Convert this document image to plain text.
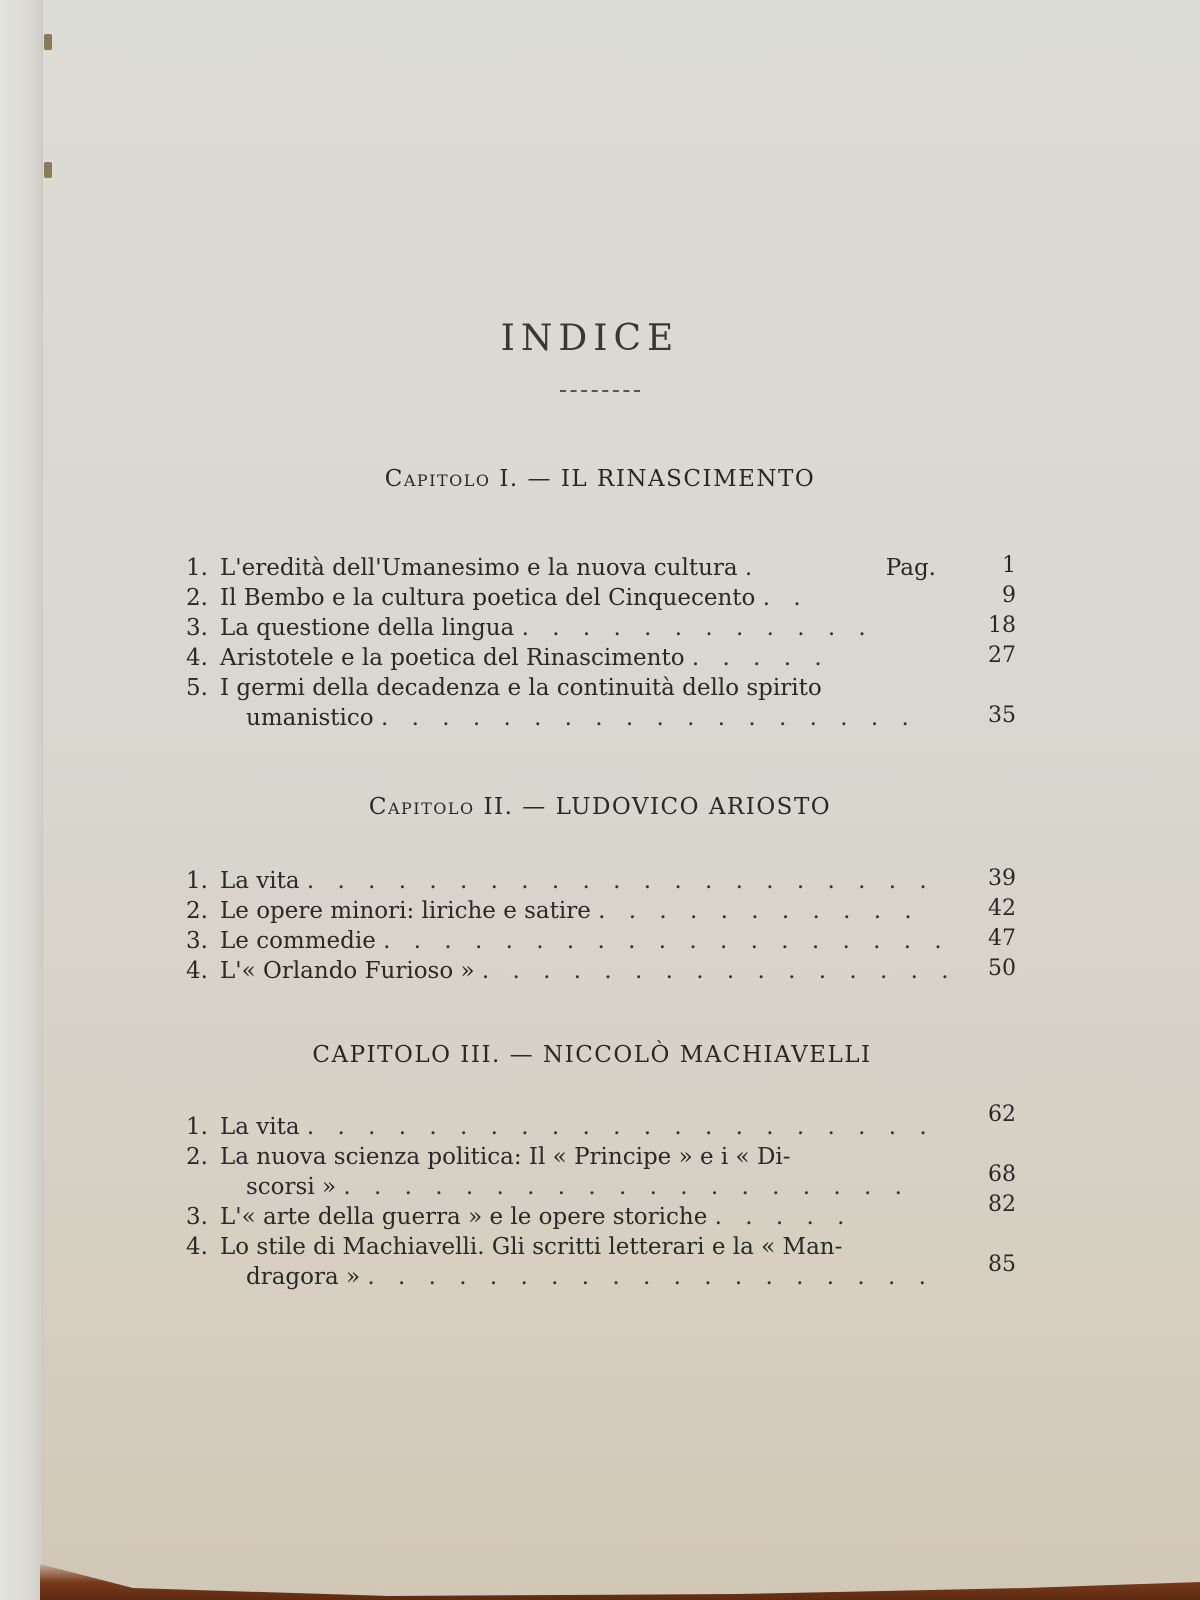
INDICE
Capitolo I. — IL RINASCIMENTO
1. L'eredità dell'Umanesimo e la nuova cultura .	Pag.	1
2. Il Bembo e la cultura poetica del Cinquecento . .	9
3. La questione della lingua . . . . . . . . . . . .	18
4. Aristotele e la poetica del Rinascimento . . . . .	27
5. I germi della decadenza e la continuità dello spirito
umanistico . . . . . . . . . . . . . . . . . .	35
Capitolo II. — LUDOVICO ARIOSTO
1. La vita . . . . . . . . . . . . . . . . . . . . .	39
2. Le opere minori: liriche e satire . . . . . . . . . . .	42
3. Le commedie . . . . . . . . . . . . . . . . . . .	47
4. L'« Orlando Furioso » . . . . . . . . . . . . . . . .	50
CAPITOLO III. — NICCOLÒ MACHIAVELLI
1. La vita . . . . . . . . . . . . . . . . . . . . .	62
2. La nuova scienza politica: Il « Principe » e i « Di-
scorsi » . . . . . . . . . . . . . . . . . . .	68
3. L'« arte della guerra » e le opere storiche . . . . .	82
4. Lo stile di Machiavelli. Gli scritti letterari e la « Man-
dragora » . . . . . . . . . . . . . . . . . . .	85
